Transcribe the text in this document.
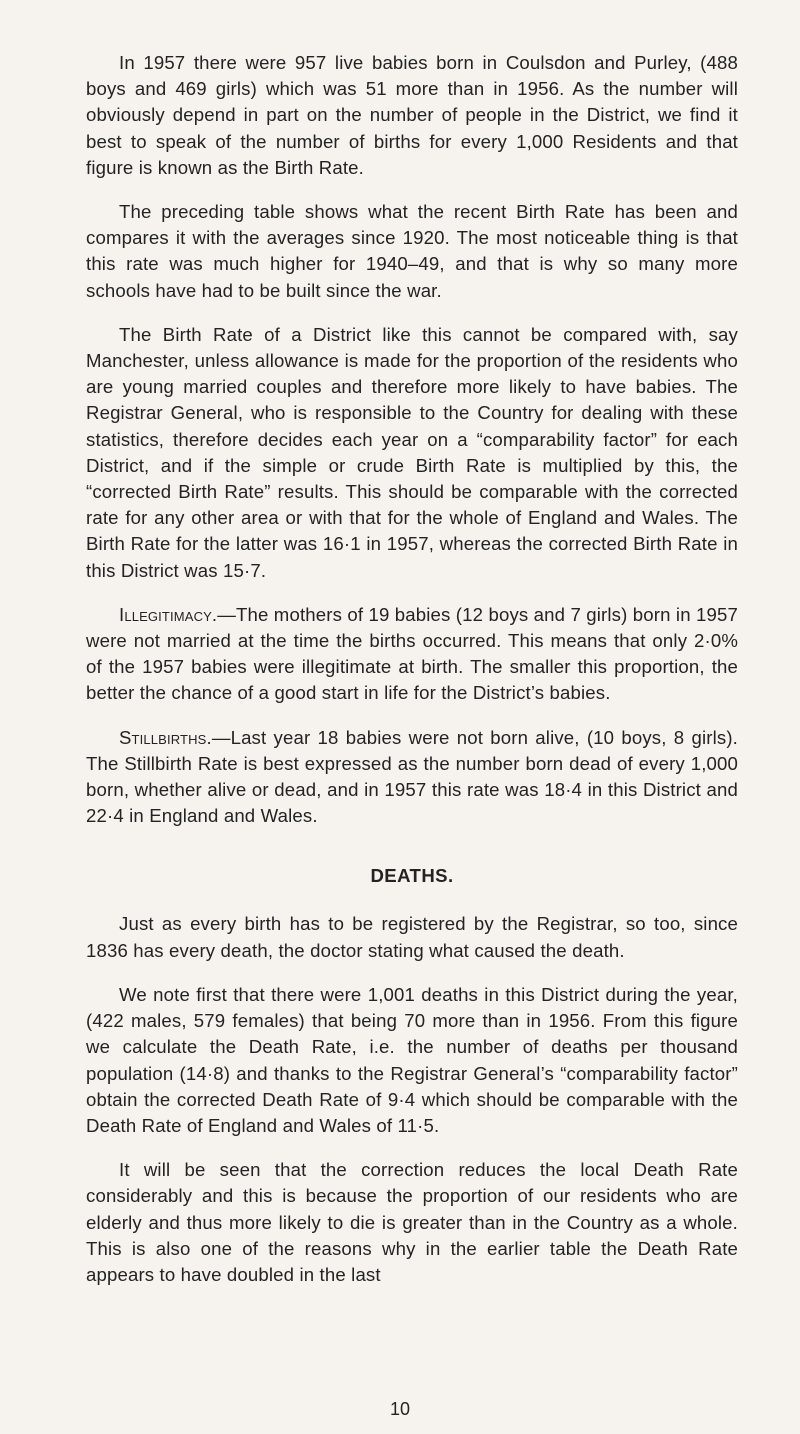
In 1957 there were 957 live babies born in Coulsdon and Purley, (488 boys and 469 girls) which was 51 more than in 1956. As the number will obviously depend in part on the number of people in the District, we find it best to speak of the number of births for every 1,000 Residents and that figure is known as the Birth Rate.

The preceding table shows what the recent Birth Rate has been and compares it with the averages since 1920. The most noticeable thing is that this rate was much higher for 1940–49, and that is why so many more schools have had to be built since the war.

The Birth Rate of a District like this cannot be compared with, say Manchester, unless allowance is made for the proportion of the residents who are young married couples and therefore more likely to have babies. The Registrar General, who is responsible to the Country for dealing with these statistics, therefore decides each year on a “comparability factor” for each District, and if the simple or crude Birth Rate is multiplied by this, the “corrected Birth Rate” results. This should be comparable with the corrected rate for any other area or with that for the whole of England and Wales. The Birth Rate for the latter was 16·1 in 1957, whereas the corrected Birth Rate in this District was 15·7.

Illegitimacy.—The mothers of 19 babies (12 boys and 7 girls) born in 1957 were not married at the time the births occurred. This means that only 2·0% of the 1957 babies were illegitimate at birth. The smaller this proportion, the better the chance of a good start in life for the District’s babies.

Stillbirths.—Last year 18 babies were not born alive, (10 boys, 8 girls). The Stillbirth Rate is best expressed as the number born dead of every 1,000 born, whether alive or dead, and in 1957 this rate was 18·4 in this District and 22·4 in England and Wales.

DEATHS.

Just as every birth has to be registered by the Registrar, so too, since 1836 has every death, the doctor stating what caused the death.

We note first that there were 1,001 deaths in this District during the year, (422 males, 579 females) that being 70 more than in 1956. From this figure we calculate the Death Rate, i.e. the number of deaths per thousand population (14·8) and thanks to the Registrar General’s “comparability factor” obtain the corrected Death Rate of 9·4 which should be comparable with the Death Rate of England and Wales of 11·5.

It will be seen that the correction reduces the local Death Rate considerably and this is because the proportion of our residents who are elderly and thus more likely to die is greater than in the Country as a whole. This is also one of the reasons why in the earlier table the Death Rate appears to have doubled in the last

10
